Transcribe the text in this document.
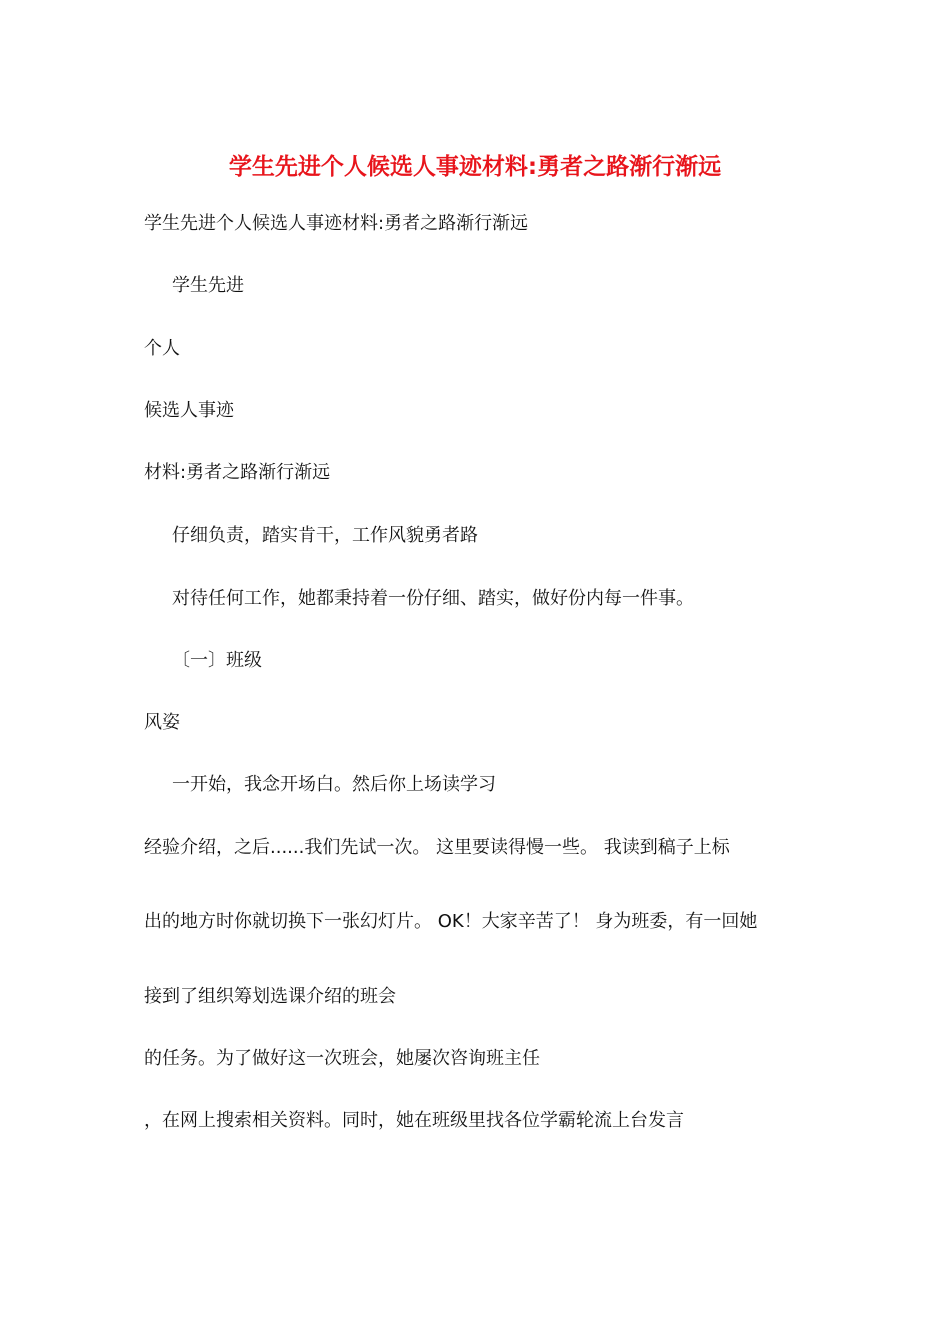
学生先进个人候选人事迹材料:勇者之路渐行渐远
学生先进个人候选人事迹材料:勇者之路渐行渐远
学生先进
个人
候选人事迹
材料:勇者之路渐行渐远
仔细负责，踏实肯干，工作风貌勇者路
对待任何工作，她都秉持着一份仔细、踏实，做好份内每一件事。
〔一〕班级
风姿
一开始，我念开场白。然后你上场读学习
经验介绍，之后......我们先试一次。 这里要读得慢一些。 我读到稿子上标
出的地方时你就切换下一张幻灯片。 OK！大家辛苦了！ 身为班委，有一回她
接到了组织筹划选课介绍的班会
的任务。为了做好这一次班会，她屡次咨询班主任
，在网上搜索相关资料。同时，她在班级里找各位学霸轮流上台发言
